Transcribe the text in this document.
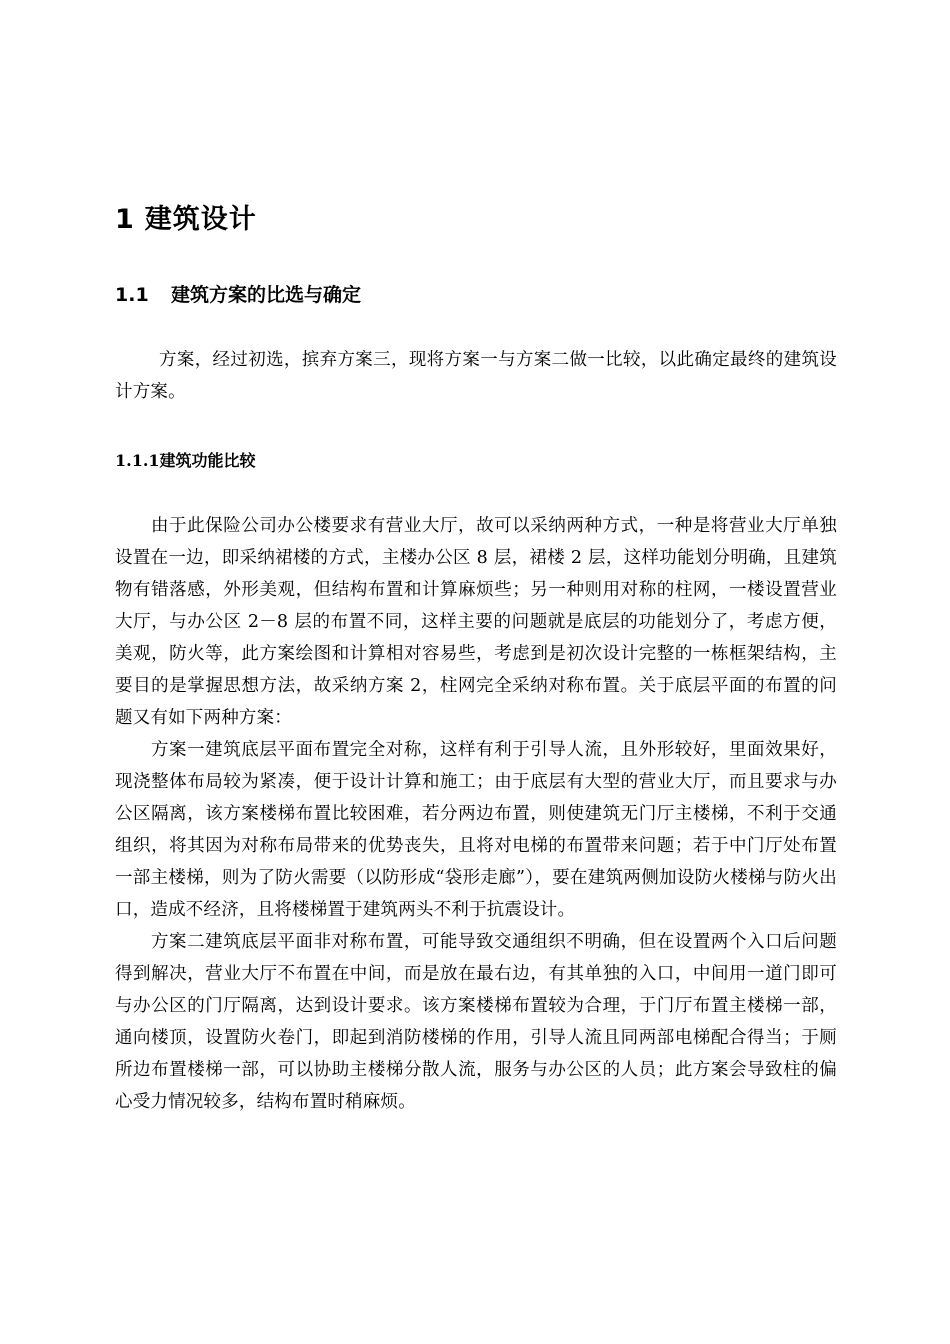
1 建筑设计
1.1 建筑方案的比选与确定
方案，经过初选，摈弃方案三，现将方案一与方案二做一比较，以此确定最终的建筑设计方案。
1.1.1建筑功能比较

由于此保险公司办公楼要求有营业大厅，故可以采纳两种方式，一种是将营业大厅单独设置在一边，即采纳裙楼的方式，主楼办公区 8 层，裙楼 2 层，这样功能划分明确，且建筑物有错落感，外形美观，但结构布置和计算麻烦些；另一种则用对称的柱网，一楼设置营业大厅，与办公区 2－8 层的布置不同，这样主要的问题就是底层的功能划分了，考虑方便，美观，防火等，此方案绘图和计算相对容易些，考虑到是初次设计完整的一栋框架结构，主要目的是掌握思想方法，故采纳方案 2，柱网完全采纳对称布置。关于底层平面的布置的问题又有如下两种方案：

方案一建筑底层平面布置完全对称，这样有利于引导人流，且外形较好，里面效果好，现浇整体布局较为紧凑，便于设计计算和施工；由于底层有大型的营业大厅，而且要求与办公区隔离，该方案楼梯布置比较困难，若分两边布置，则使建筑无门厅主楼梯，不利于交通组织，将其因为对称布局带来的优势丧失，且将对电梯的布置带来问题；若于中门厅处布置一部主楼梯，则为了防火需要（以防形成“袋形走廊”），要在建筑两侧加设防火楼梯与防火出口，造成不经济，且将楼梯置于建筑两头不利于抗震设计。

方案二建筑底层平面非对称布置，可能导致交通组织不明确，但在设置两个入口后问题得到解决，营业大厅不布置在中间，而是放在最右边，有其单独的入口，中间用一道门即可与办公区的门厅隔离，达到设计要求。该方案楼梯布置较为合理，于门厅布置主楼梯一部，通向楼顶，设置防火卷门，即起到消防楼梯的作用，引导人流且同两部电梯配合得当；于厕所边布置楼梯一部，可以协助主楼梯分散人流，服务与办公区的人员；此方案会导致柱的偏心受力情况较多，结构布置时稍麻烦。
